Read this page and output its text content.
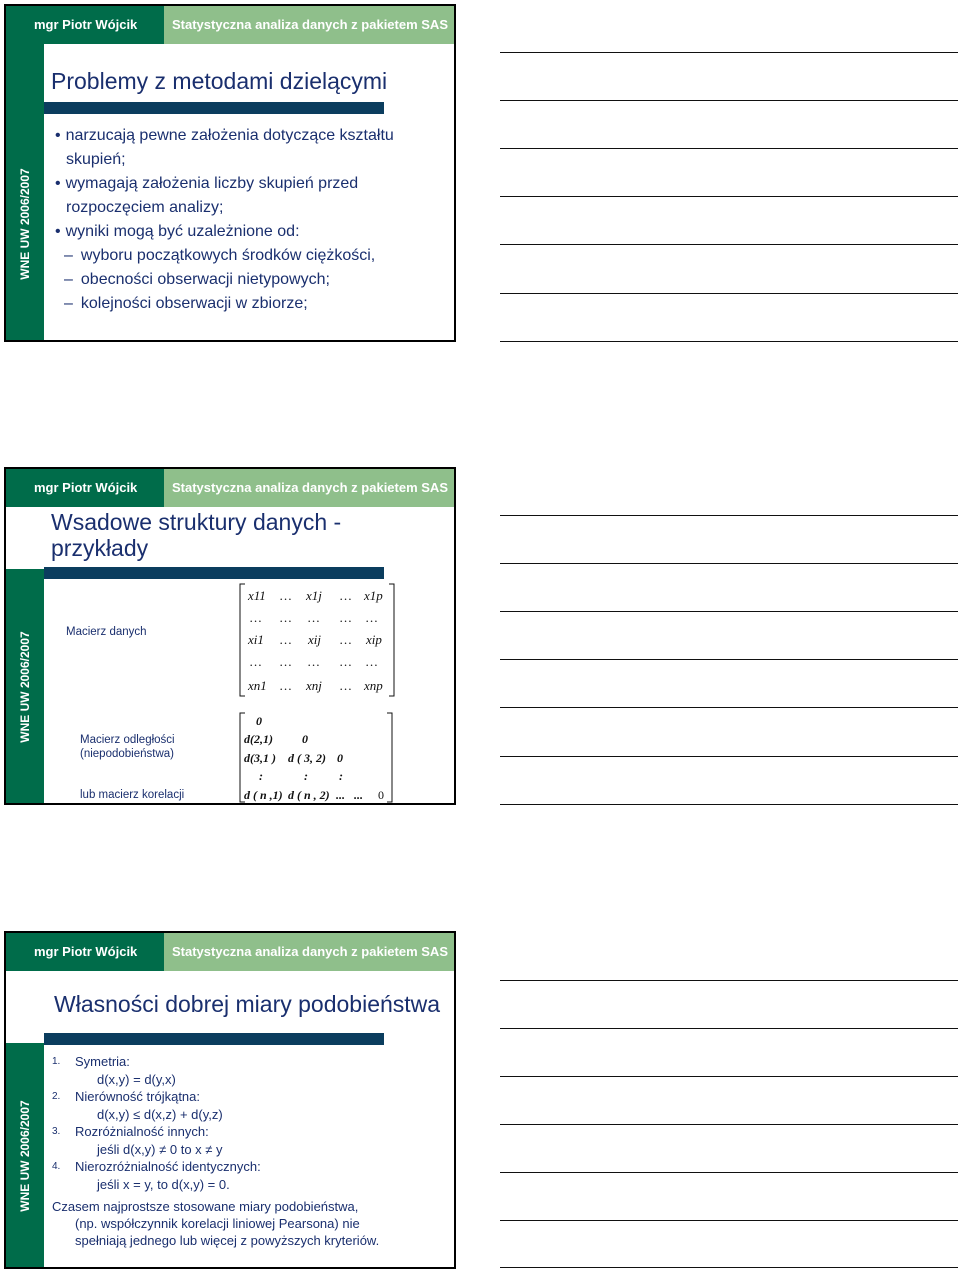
mgr Piotr Wójcik	Statystyczna analiza danych z pakietem SAS
WNE UW 2006/2007
Problemy z metodami dzielącymi
• narzucają pewne założenia dotyczące kształtu
skupień;
• wymagają założenia liczby skupień przed
rozpoczęciem analizy;
• wyniki mogą być uzależnione od:
– wyboru początkowych środków ciężkości,
– obecności obserwacji nietypowych;
– kolejności obserwacji w zbiorze;
mgr Piotr Wójcik	Statystyczna analiza danych z pakietem SAS
WNE UW 2006/2007
Wsadowe struktury danych -
przykłady
Macierz danych
Macierz odległości
(niepodobieństwa)
lub macierz korelacji
x11 … x1j … x1p
… … … … …
xi1 … xij … xip
… … … … …
xn1 … xnj … xnp
0
d(2,1) 0
d(3,1 ) d ( 3, 2) 0
:	:	:
d ( n ,1) d ( n , 2) ... ... 0
mgr Piotr Wójcik	Statystyczna analiza danych z pakietem SAS
WNE UW 2006/2007
Własności dobrej miary podobieństwa
1. Symetria:
d(x,y) = d(y,x)
2. Nierówność trójkątna:
d(x,y) ≤ d(x,z) + d(y,z)
3. Rozróżnialność innych:
jeśli d(x,y) ≠ 0 to x ≠ y
4. Nierozróżnialność identycznych:
jeśli x = y, to d(x,y) = 0.
Czasem najprostsze stosowane miary podobieństwa,
(np. współczynnik korelacji liniowej Pearsona) nie
spełniają jednego lub więcej z powyższych kryteriów.
